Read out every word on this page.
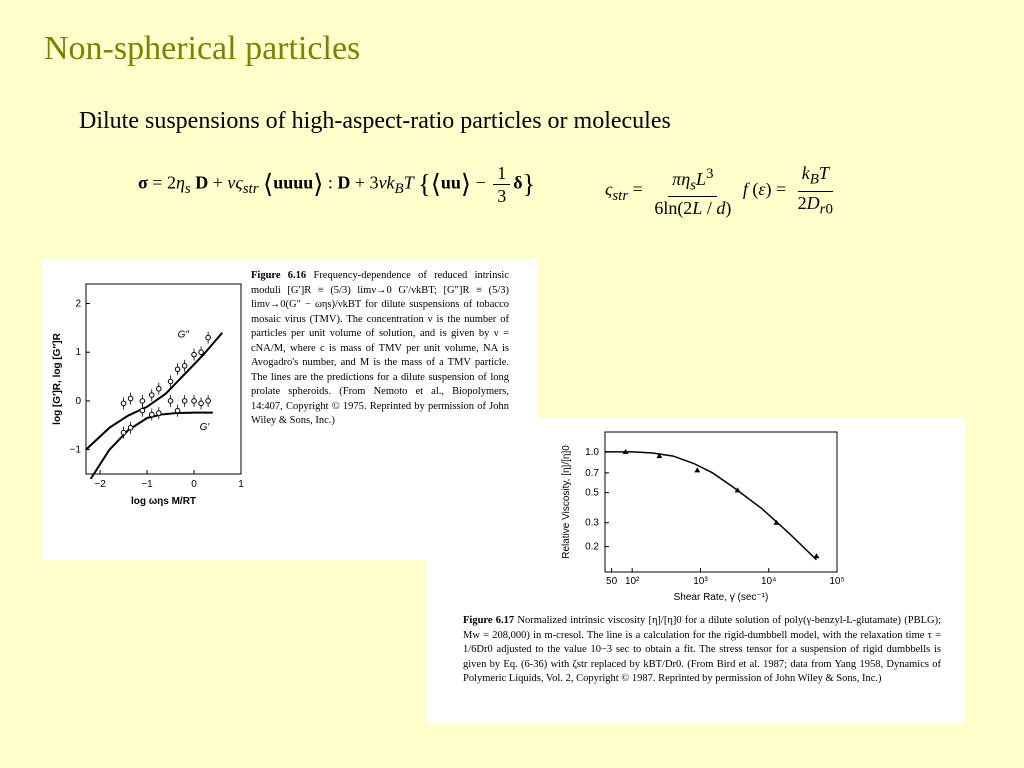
Non-spherical particles
Dilute suspensions of high-aspect-ratio particles or molecules
$\sigma = 2\eta_s$ $D + \nu\varsigma_{str}$ ⟨uuuu⟩ : $D + 3\nu k_BT$ {⟨uu⟩ − $\frac{1}{3} \delta$}	$\varsigma_{str} = \frac{\pi\eta_sL^3}{6\ln(2L / d)}$ f $(\varepsilon) = \frac{k_BT}{2D_{r0}}$
−2	−1	0	1
2
1
0
−1
log ωηs M/RT
log [G′]R, log [G″]R	G″
G′
Figure 6.16 Frequency-dependence of reduced intrinsic moduli [G′]R ≡ (5/3) limν→0 G′/νkBT; [G″]R ≡ (5/3) limν→0(G″ − ωηs)/νkBT for dilute suspensions of tobacco mosaic virus (TMV). The concentration ν is the number of particles per unit volume of solution, and is given by ν = cNA/M, where c is mass of TMV per unit volume, NA is Avogadro's number, and M is the mass of a TMV particle. The lines are the predictions for a dilute suspension of long prolate spheroids. (From Nemoto et al., Biopolymers, 14:407, Copyright © 1975. Reprinted by permission of John Wiley & Sons, Inc.)
50 10²	10³	10⁴	10⁵
1.0
0.7
0.5
0.3
0.2
Shear Rate, γ̇ (sec⁻¹)
Relative Viscosity, [η]/[η]0
Figure 6.17 Normalized intrinsic viscosity [η]/[η]0 for a dilute solution of poly(γ-benzyl-L-glutamate) (PBLG); Mw = 208,000) in m-cresol. The line is a calculation for the rigid-dumbbell model, with the relaxation time τ = 1/6Dr0 adjusted to the value 10−3 sec to obtain a fit. The stress tensor for a suspension of rigid dumbbells is given by Eq. (6-36) with ζstr replaced by kBT/Dr0. (From Bird et al. 1987; data from Yang 1958, Dynamics of Polymeric Liquids, Vol. 2, Copyright © 1987. Reprinted by permission of John Wiley & Sons, Inc.)
